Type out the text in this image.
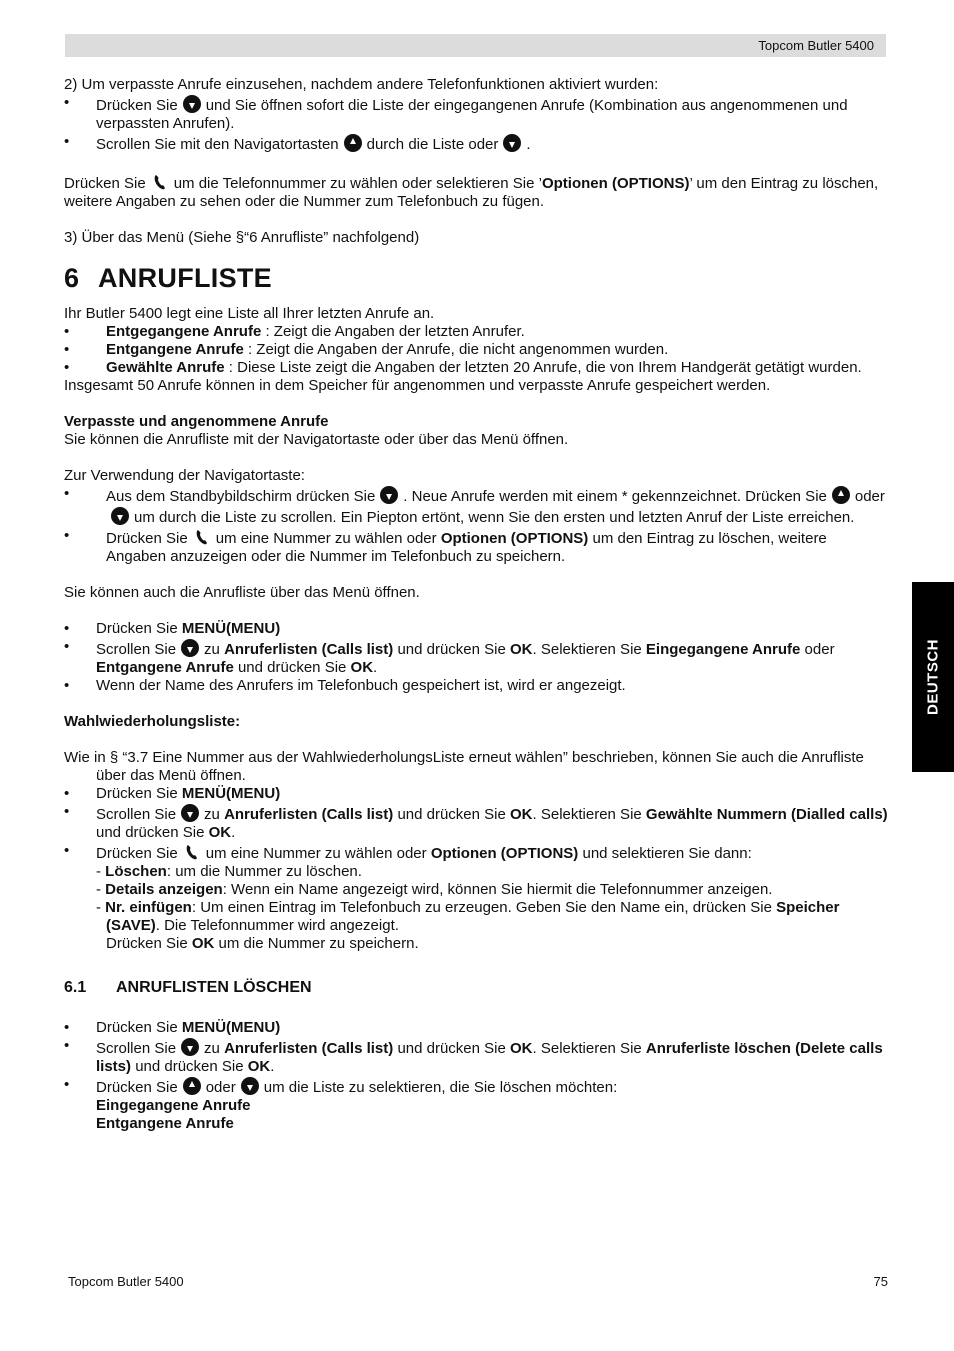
Topcom Butler 5400

2) Um verpasste Anrufe einzusehen, nachdem andere Telefonfunktionen aktiviert wurden:

• Drücken Sie und Sie öffnen sofort die Liste der eingegangenen Anrufe (Kombination aus angenommenen und verpassten Anrufen).

• Scrollen Sie mit den Navigatortasten durch die Liste oder .

Drücken Sie um die Telefonnummer zu wählen oder selektieren Sie ’Optionen (OPTIONS)’ um den Eintrag zu löschen, weitere Angaben zu sehen oder die Nummer zum Telefonbuch zu fügen.

3) Über das Menü (Siehe §“6 Anrufliste” nachfolgend)

6 ANRUFLISTE

Ihr Butler 5400 legt eine Liste all Ihrer letzten Anrufe an.

• Entgegangene Anrufe : Zeigt die Angaben der letzten Anrufer.

• Entgangene Anrufe : Zeigt die Angaben der Anrufe, die nicht angenommen wurden.

• Gewählte Anrufe : Diese Liste zeigt die Angaben der letzten 20 Anrufe, die von Ihrem Handgerät getätigt wurden.

Insgesamt 50 Anrufe können in dem Speicher für angenommen und verpasste Anrufe gespeichert werden.

Verpasste und angenommene Anrufe

Sie können die Anrufliste mit der Navigatortaste oder über das Menü öffnen.

Zur Verwendung der Navigatortaste:

• Aus dem Standbybildschirm drücken Sie . Neue Anrufe werden mit einem * gekennzeichnet. Drücken Sie oder
um durch die Liste zu scrollen. Ein Piepton ertönt, wenn Sie den ersten und letzten Anruf der Liste erreichen.

• Drücken Sie um eine Nummer zu wählen oder Optionen (OPTIONS) um den Eintrag zu löschen, weitere Angaben anzuzeigen oder die Nummer im Telefonbuch zu speichern.

Sie können auch die Anrufliste über das Menü öffnen.

• Drücken Sie MENÜ(MENU)

• Scrollen Sie zu Anruferlisten (Calls list) und drücken Sie OK. Selektieren Sie Eingegangene Anrufe oder Entgangene Anrufe und drücken Sie OK.

• Wenn der Name des Anrufers im Telefonbuch gespeichert ist, wird er angezeigt.

Wahlwiederholungsliste:

Wie in § “3.7 Eine Nummer aus der WahlwiederholungsListe erneut wählen” beschrieben, können Sie auch die Anrufliste über das Menü öffnen.

• Drücken Sie MENÜ(MENU)

• Scrollen Sie zu Anruferlisten (Calls list) und drücken Sie OK. Selektieren Sie Gewählte Nummern (Dialled calls) und drücken Sie OK.

• Drücken Sie um eine Nummer zu wählen oder Optionen (OPTIONS) und selektieren Sie dann:

- Löschen: um die Nummer zu löschen.

- Details anzeigen: Wenn ein Name angezeigt wird, können Sie hiermit die Telefonnummer anzeigen.

- Nr. einfügen: Um einen Eintrag im Telefonbuch zu erzeugen. Geben Sie den Name ein, drücken Sie Speicher (SAVE). Die Telefonnummer wird angezeigt.

Drücken Sie OK um die Nummer zu speichern.

6.1 ANRUFLISTEN LÖSCHEN

• Drücken Sie MENÜ(MENU)

• Scrollen Sie zu Anruferlisten (Calls list) und drücken Sie OK. Selektieren Sie Anruferliste löschen (Delete calls lists) und drücken Sie OK.

• Drücken Sie oder um die Liste zu selektieren, die Sie löschen möchten:

Eingegangene Anrufe

Entgangene Anrufe

DEUTSCH
Topcom Butler 5400	75
